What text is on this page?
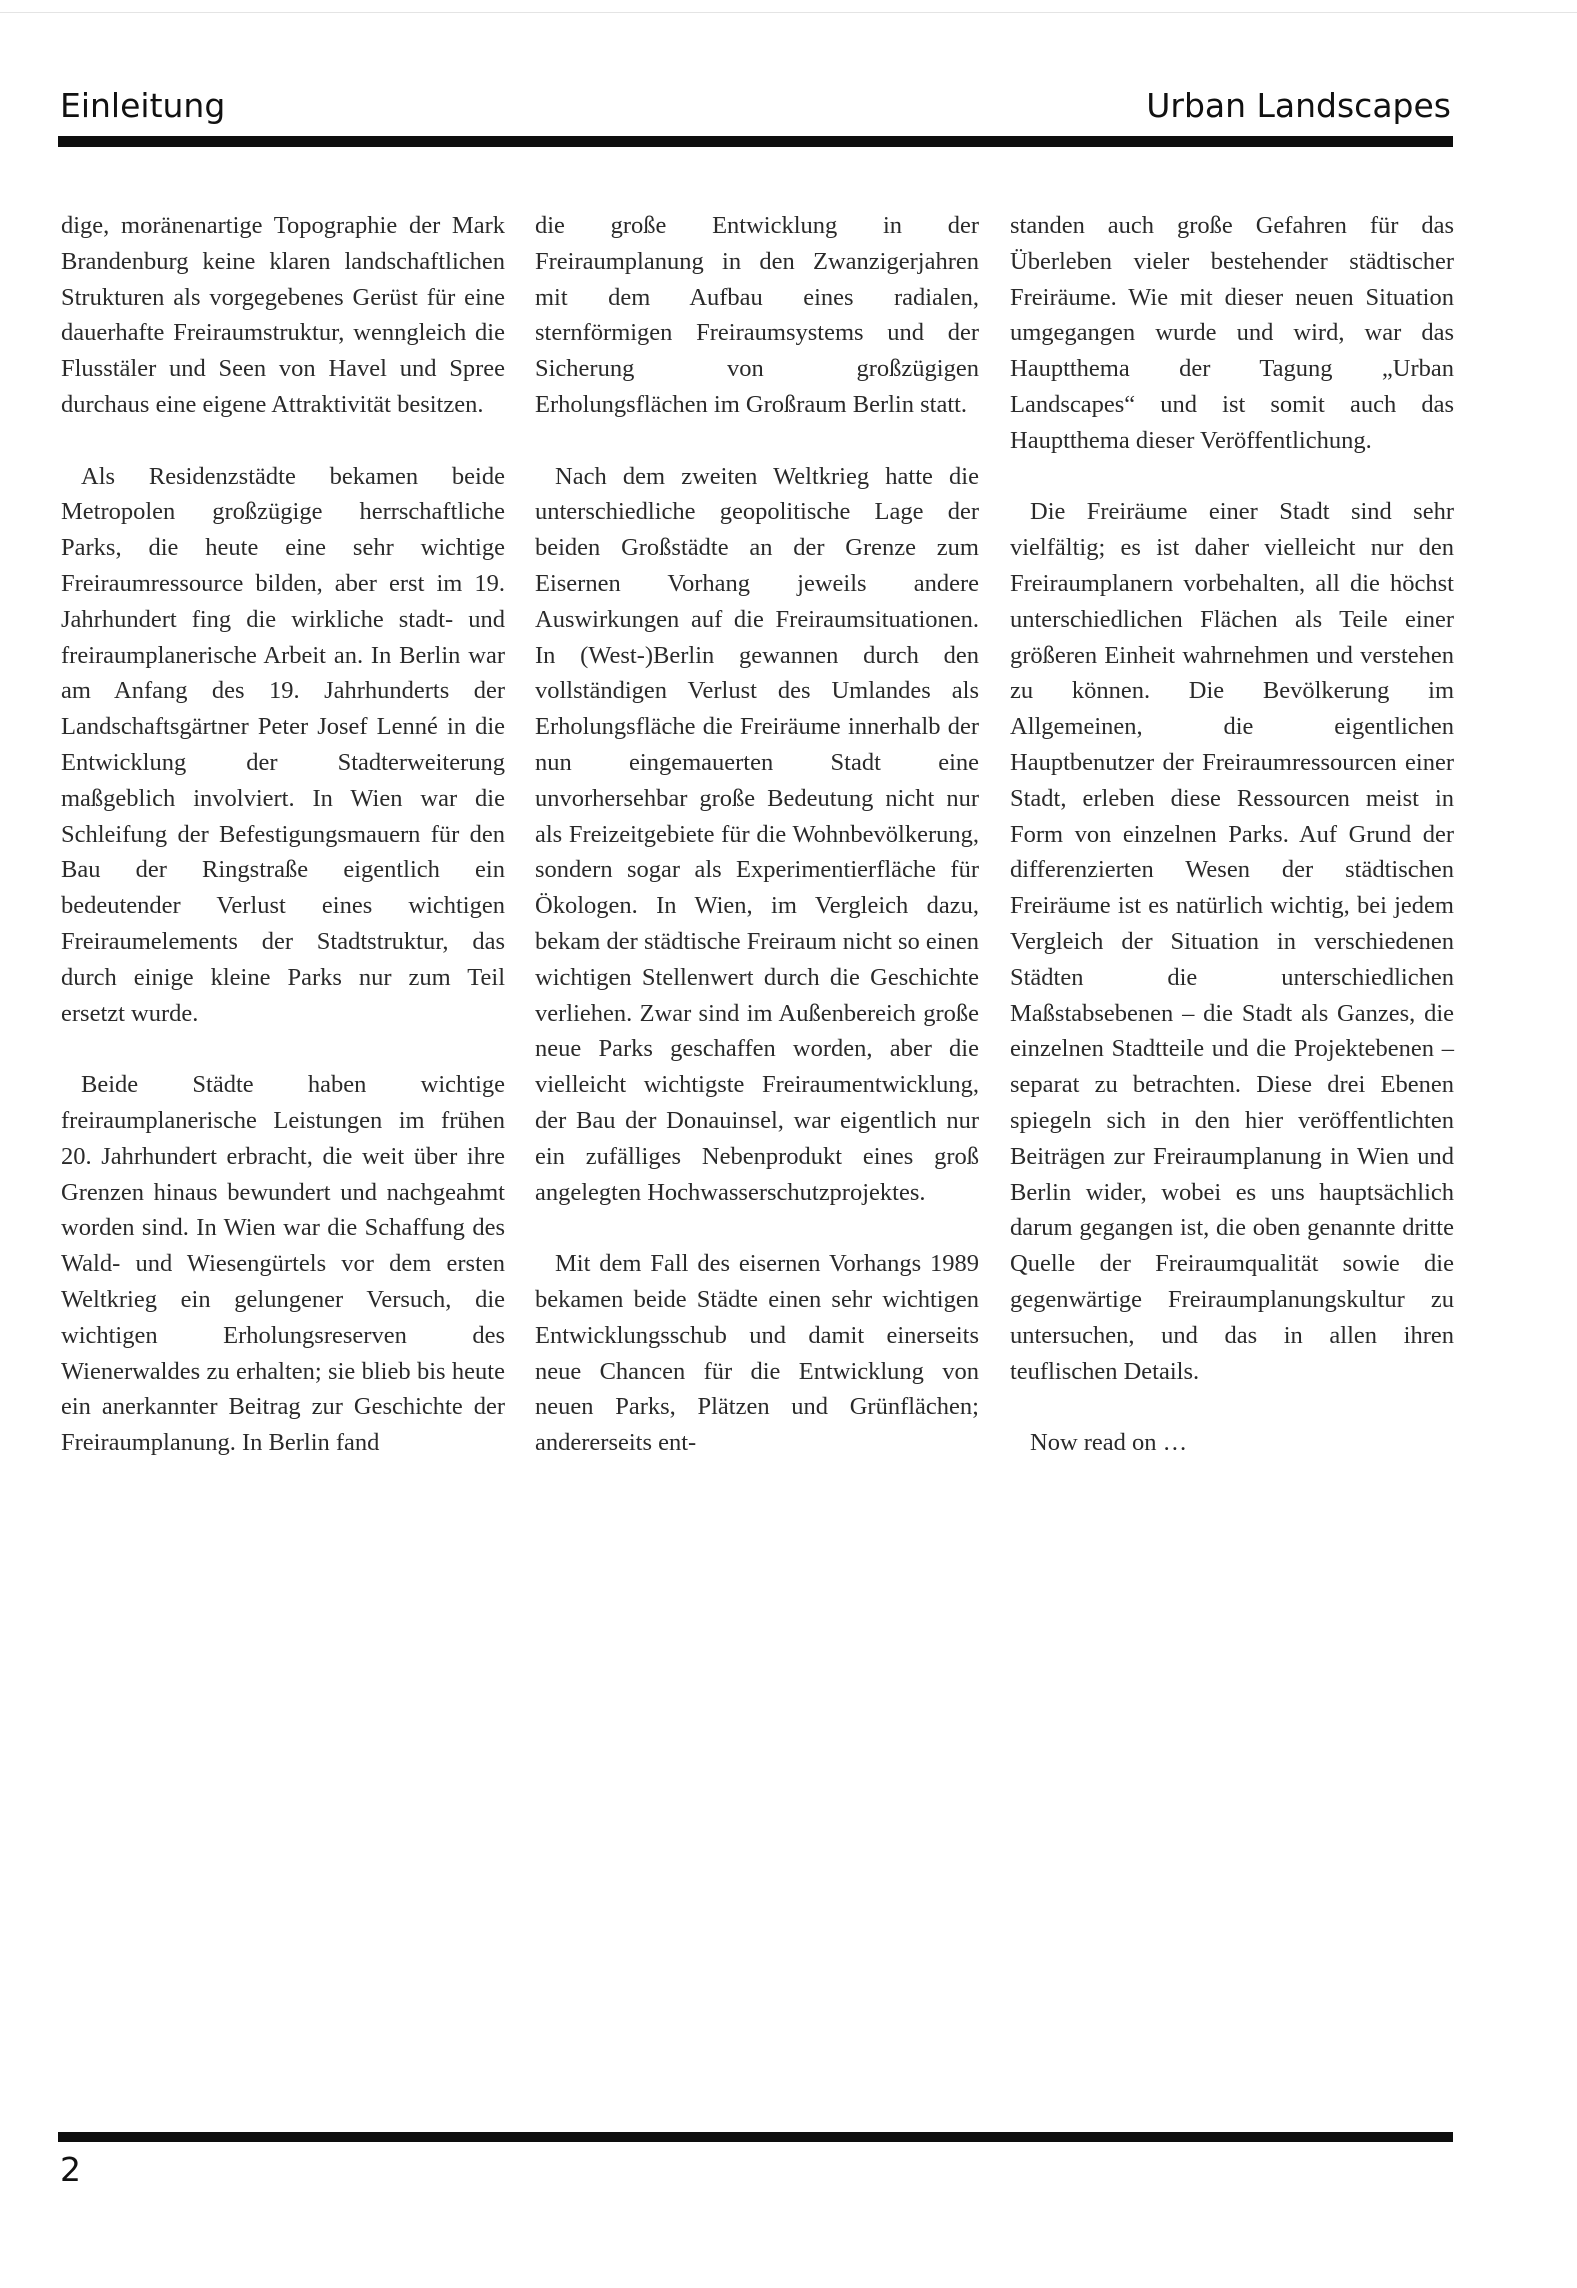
Einleitung	Urban Landscapes

dige, moränenartige Topographie der Mark Brandenburg keine klaren landschaftlichen Strukturen als vorgegebenes Gerüst für eine dauerhafte Freiraumstruktur, wenngleich die Flusstäler und Seen von Havel und Spree durchaus eine eigene Attraktivität besitzen.

Als Residenzstädte bekamen beide Metropolen großzügige herrschaftliche Parks, die heute eine sehr wichtige Freiraumressource bilden, aber erst im 19. Jahrhundert fing die wirkliche stadt- und freiraumplanerische Arbeit an. In Berlin war am Anfang des 19. Jahrhunderts der Landschaftsgärtner Peter Josef Lenné in die Entwicklung der Stadterweiterung maßgeblich involviert. In Wien war die Schleifung der Befestigungsmauern für den Bau der Ringstraße eigentlich ein bedeutender Verlust eines wichtigen Freiraumelements der Stadtstruktur, das durch einige kleine Parks nur zum Teil ersetzt wurde.

Beide Städte haben wichtige freiraumplanerische Leistungen im frühen 20. Jahrhundert erbracht, die weit über ihre Grenzen hinaus bewundert und nachgeahmt worden sind. In Wien war die Schaffung des Wald- und Wiesengürtels vor dem ersten Weltkrieg ein gelungener Versuch, die wichtigen Erholungsreserven des Wienerwaldes zu erhalten; sie blieb bis heute ein anerkannter Beitrag zur Geschichte der Freiraumplanung. In Berlin fand

die große Entwicklung in der Freiraumplanung in den Zwanzigerjahren mit dem Aufbau eines radialen, sternförmigen Freiraumsystems und der Sicherung von großzügigen Erholungsflächen im Großraum Berlin statt.

Nach dem zweiten Weltkrieg hatte die unterschiedliche geopolitische Lage der beiden Großstädte an der Grenze zum Eisernen Vorhang jeweils andere Auswirkungen auf die Freiraumsituationen. In (West-)Berlin gewannen durch den vollständigen Verlust des Umlandes als Erholungsfläche die Freiräume innerhalb der nun eingemauerten Stadt eine unvorhersehbar große Bedeutung nicht nur als Freizeitgebiete für die Wohnbevölkerung, sondern sogar als Experimentierfläche für Ökologen. In Wien, im Vergleich dazu, bekam der städtische Freiraum nicht so einen wichtigen Stellenwert durch die Geschichte verliehen. Zwar sind im Außenbereich große neue Parks geschaffen worden, aber die vielleicht wichtigste Freiraumentwicklung, der Bau der Donauinsel, war eigentlich nur ein zufälliges Nebenprodukt eines groß angelegten Hochwasserschutzprojektes.

Mit dem Fall des eisernen Vorhangs 1989 bekamen beide Städte einen sehr wichtigen Entwicklungsschub und damit einerseits neue Chancen für die Entwicklung von neuen Parks, Plätzen und Grünflächen; andererseits ent-

standen auch große Gefahren für das Überleben vieler bestehender städtischer Freiräume. Wie mit dieser neuen Situation umgegangen wurde und wird, war das Hauptthema der Tagung „Urban Landscapes“ und ist somit auch das Hauptthema dieser Veröffentlichung.

Die Freiräume einer Stadt sind sehr vielfältig; es ist daher vielleicht nur den Freiraumplanern vorbehalten, all die höchst unterschiedlichen Flächen als Teile einer größeren Einheit wahrnehmen und verstehen zu können. Die Bevölkerung im Allgemeinen, die eigentlichen Hauptbenutzer der Freiraumressourcen einer Stadt, erleben diese Ressourcen meist in Form von einzelnen Parks. Auf Grund der differenzierten Wesen der städtischen Freiräume ist es natürlich wichtig, bei jedem Vergleich der Situation in verschiedenen Städten die unterschiedlichen Maßstabsebenen – die Stadt als Ganzes, die einzelnen Stadtteile und die Projektebenen – separat zu betrachten. Diese drei Ebenen spiegeln sich in den hier veröffentlichten Beiträgen zur Freiraumplanung in Wien und Berlin wider, wobei es uns hauptsächlich darum gegangen ist, die oben genannte dritte Quelle der Freiraumqualität sowie die gegenwärtige Freiraumplanungskultur zu untersuchen, und das in allen ihren teuflischen Details.

Now read on …

2
